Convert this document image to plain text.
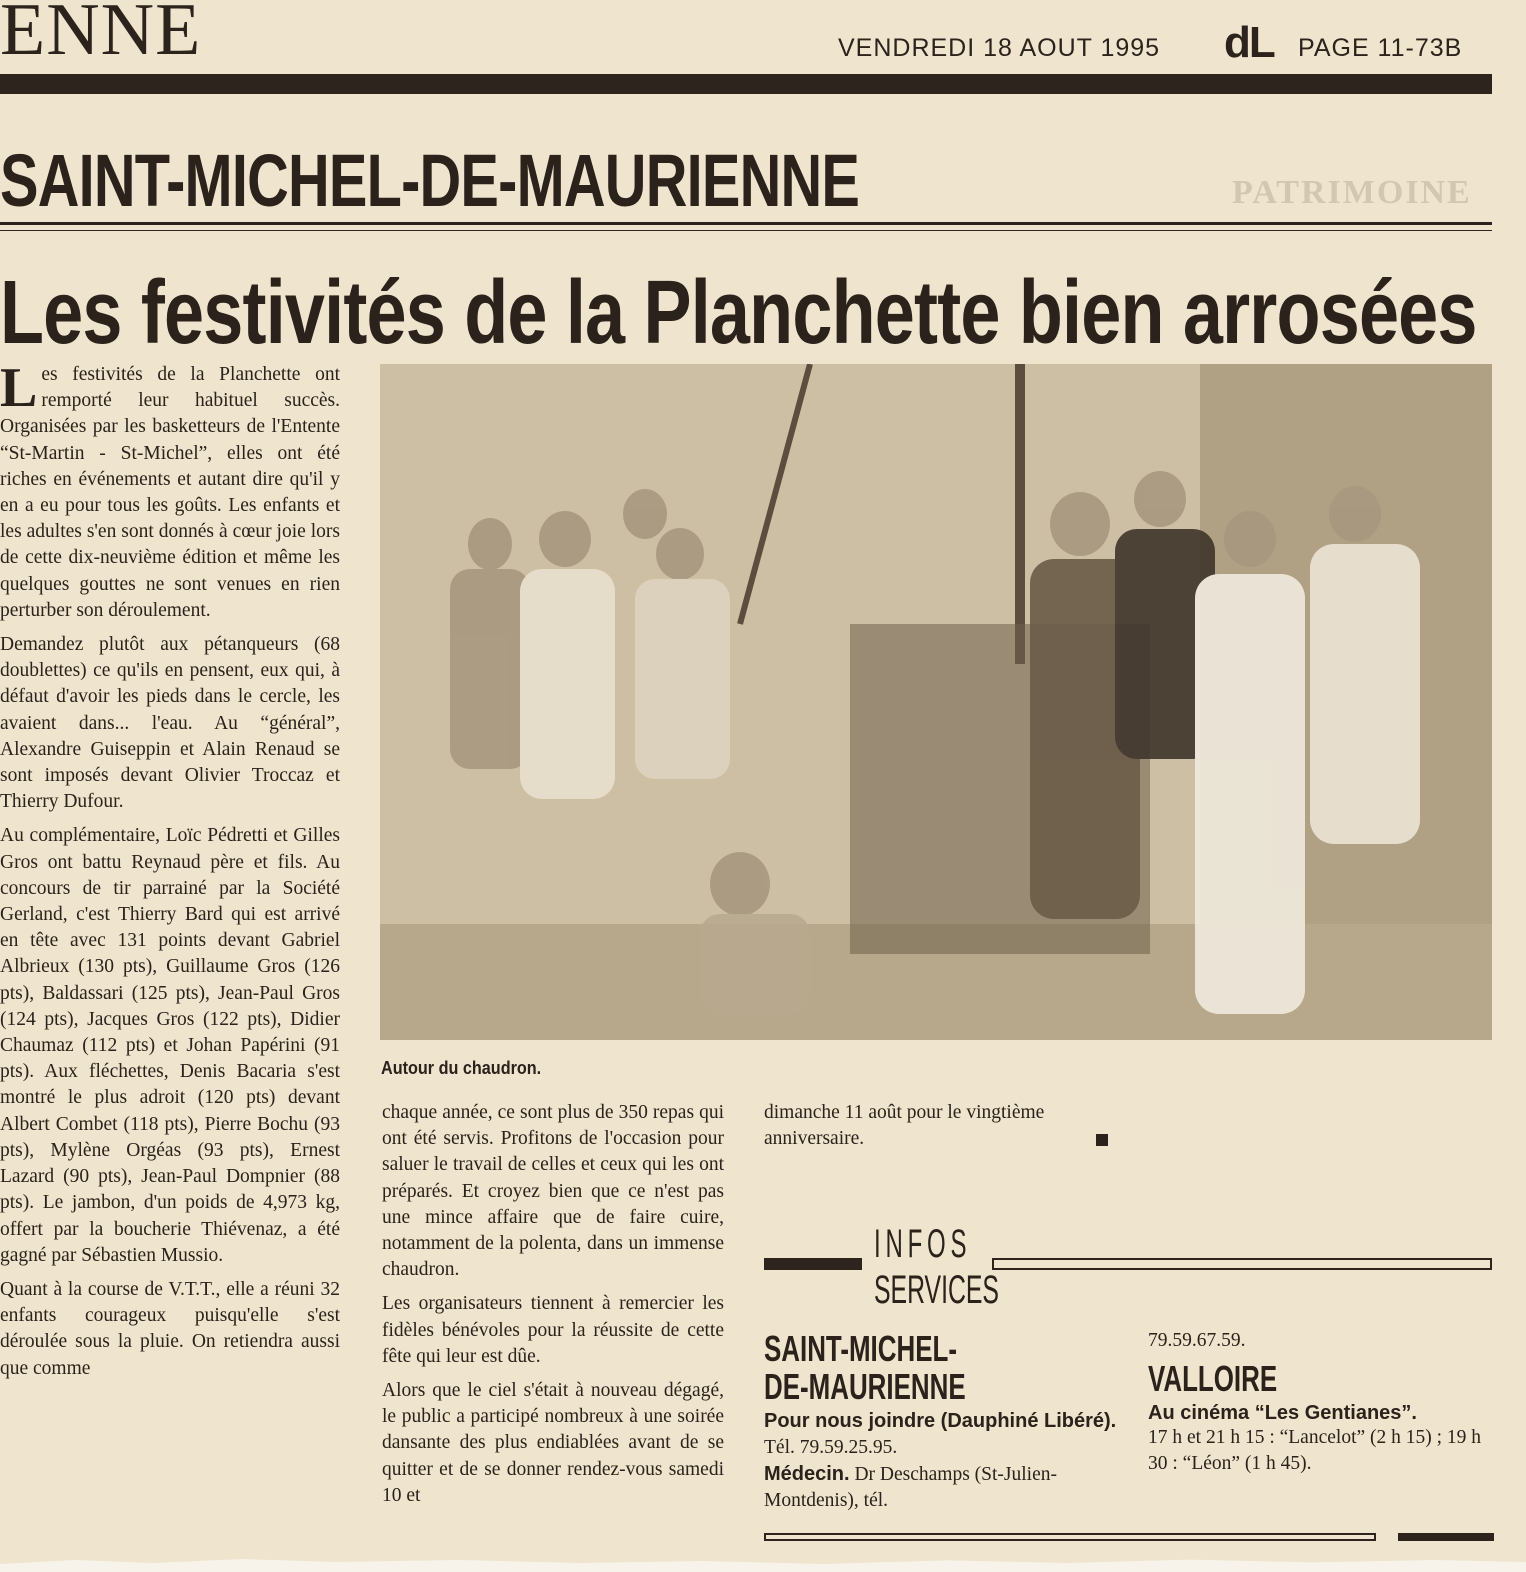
ENNE	VENDREDI 18 AOUT 1995 dL PAGE 11-73B
SAINT-MICHEL-DE-MAURIENNE	PATRIMOINE
Les festivités de la Planchette bien arrosées

Les festivités de la Planchette ont remporté leur habituel succès. Organisées par les basketteurs de l'Entente “St-Martin - St-Michel”, elles ont été riches en événements et autant dire qu'il y en a eu pour tous les goûts. Les enfants et les adultes s'en sont donnés à cœur joie lors de cette dix-neuvième édition et même les quelques gouttes ne sont venues en rien perturber son déroulement.

Demandez plutôt aux pétanqueurs (68 doublettes) ce qu'ils en pensent, eux qui, à défaut d'avoir les pieds dans le cercle, les avaient dans... l'eau. Au “général”, Alexandre Guiseppin et Alain Renaud se sont imposés devant Olivier Troccaz et Thierry Dufour.

Au complémentaire, Loïc Pédretti et Gilles Gros ont battu Reynaud père et fils. Au concours de tir parrainé par la Société Gerland, c'est Thierry Bard qui est arrivé en tête avec 131 points devant Gabriel Albrieux (130 pts), Guillaume Gros (126 pts), Baldassari (125 pts), Jean-Paul Gros (124 pts), Jacques Gros (122 pts), Didier Chaumaz (112 pts) et Johan Papérini (91 pts). Aux fléchettes, Denis Bacaria s'est montré le plus adroit (120 pts) devant Albert Combet (118 pts), Pierre Bochu (93 pts), Mylène Orgéas (93 pts), Ernest Lazard (90 pts), Jean-Paul Dompnier (88 pts). Le jambon, d'un poids de 4,973 kg, offert par la boucherie Thiévenaz, a été gagné par Sébastien Mussio.

Quant à la course de V.T.T., elle a réuni 32 enfants courageux puisqu'elle s'est déroulée sous la pluie. On retiendra aussi que comme

Autour du chaudron.

chaque année, ce sont plus de 350 repas qui ont été servis. Profitons de l'occasion pour saluer le travail de celles et ceux qui les ont préparés. Et croyez bien que ce n'est pas une mince affaire que de faire cuire, notamment de la polenta, dans un immense chaudron.

Les organisateurs tiennent à remercier les fidèles bénévoles pour la réussite de cette fête qui leur est dûe.

Alors que le ciel s'était à nouveau dégagé, le public a participé nombreux à une soirée dansante des plus endiablées avant de se quitter et de se donner rendez-vous samedi 10 et

dimanche 11 août pour le vingtième anniversaire.

INFOS
SERVICES
SAINT-MICHEL-
DE-MAURIENNE
Pour nous joindre (Dauphiné Libéré). Tél. 79.59.25.95.
Médecin. Dr Deschamps (St-Julien-Montdenis), tél.
79.59.67.59.
VALLOIRE
Au cinéma “Les Gentianes”.
17 h et 21 h 15 : “Lancelot” (2 h 15) ; 19 h 30 : “Léon” (1 h 45).
